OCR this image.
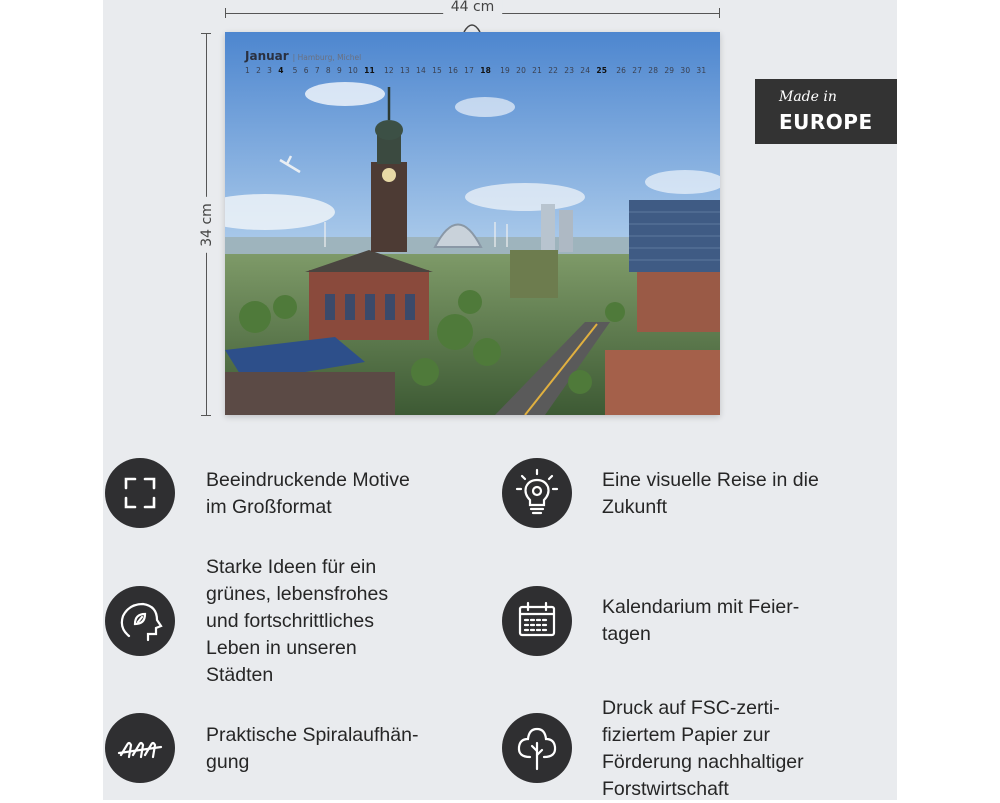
44 cm
34 cm
Januar | Hamburg, Michel
1 2 3 4 5 6 7 8 9 10 11 12 13 14 15 16 17 18 19 20 21 22 23 24 25 26 27 28 29 30 31
Made in
EUROPE
Beeindruckende Motive
im Großformat
Eine visuelle Reise in die
Zukunft
Starke Ideen für ein
grünes, lebensfrohes
und fortschrittliches
Leben in unseren
Städten
Kalendarium mit Feier-
tagen
Praktische Spiralaufhän-
gung
Druck auf FSC-zerti-
fiziertem Papier zur
Förderung nachhaltiger
Forstwirtschaft
